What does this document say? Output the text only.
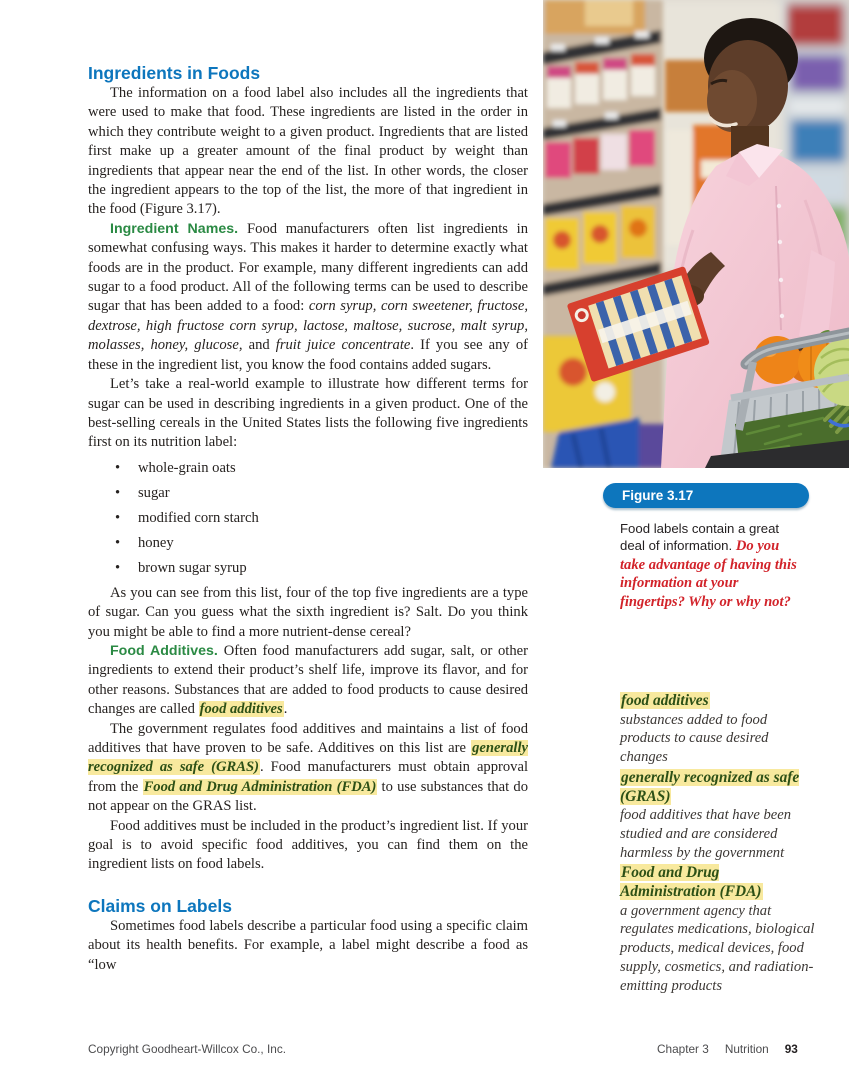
Ingredients in Foods

The information on a food label also includes all the ingredients that were used to make that food. These ingredients are listed in the order in which they contribute weight to a given product. Ingredients that are listed first make up a greater amount of the final product by weight than ingredients that appear near the end of the list. In other words, the closer the ingredient appears to the top of the list, the more of that ingredient in the food (Figure 3.17).

Ingredient Names. Food manufacturers often list ingredients in somewhat confusing ways. This makes it harder to determine exactly what foods are in the product. For example, many different ingredients can add sugar to a food product. All of the following terms can be used to describe sugar that has been added to a food: corn syrup, corn sweetener, fructose, dextrose, high fructose corn syrup, lactose, maltose, sucrose, malt syrup, molasses, honey, glucose, and fruit juice concentrate. If you see any of these in the ingredient list, you know the food contains added sugars.

Let’s take a real-world example to illustrate how different terms for sugar can be used in describing ingredients in a given product. One of the best-selling cereals in the United States lists the following five ingredients first on its nutrition label:

•	whole-grain oats
•	sugar
•	modified corn starch
•	honey
•	brown sugar syrup

As you can see from this list, four of the top five ingredients are a type of sugar. Can you guess what the sixth ingredient is? Salt. Do you think you might be able to find a more nutrient-dense cereal?

Food Additives. Often food manufacturers add sugar, salt, or other ingredients to extend their product’s shelf life, improve its flavor, and for other reasons. Substances that are added to food products to cause desired changes are called food additives.

The government regulates food additives and maintains a list of food additives that have proven to be safe. Additives on this list are generally recognized as safe (GRAS). Food manufacturers must obtain approval from the Food and Drug Administration (FDA) to use substances that do not appear on the GRAS list.

Food additives must be included in the product’s ingredient list. If your goal is to avoid specific food additives, you can find them on the ingredient lists on food labels.

Claims on Labels

Sometimes food labels describe a particular food using a specific claim about its health benefits. For example, a label might describe a food as “low

Figure 3.17
Food labels contain a great deal of information. Do you take advantage of having this information at your fingertips? Why or why not?
food additives

substances added to food products to cause desired changes

generally recognized as safe (GRAS)

food additives that have been studied and are considered harmless by the government

Food and Drug Administration (FDA)

a government agency that regulates medications, biological products, medical devices, food supply, cosmetics, and radiation-emitting products

Copyright Goodheart-Willcox Co., Inc.	Chapter 3 Nutrition 93
